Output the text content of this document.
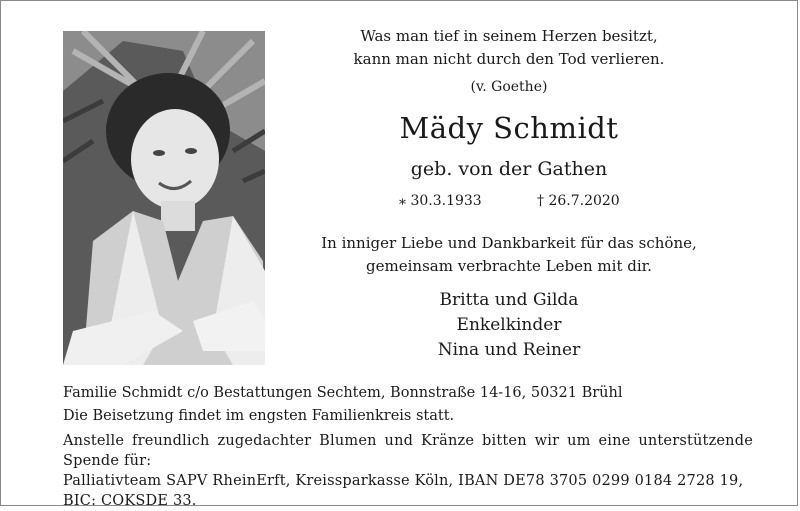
Was man tief in seinem Herzen besitzt,
kann man nicht durch den Tod verlieren.
(v. Goethe)
Mädy Schmidt
geb. von der Gathen
* 30.3.1933	† 26.7.2020
In inniger Liebe und Dankbarkeit für das schöne,
gemeinsam verbrachte Leben mit dir.
Britta und Gilda
Enkelkinder
Nina und Reiner
Familie Schmidt c/o Bestattungen Sechtem, Bonnstraße 14-16, 50321 Brühl
Die Beisetzung findet im engsten Familienkreis statt.
Anstelle freundlich zugedachter Blumen und Kränze bitten wir um eine unterstützende Spende für:
Palliativteam SAPV RheinErft, Kreissparkasse Köln, IBAN DE78 3705 0299 0184 2728 19,
BIC: COKSDE 33.
